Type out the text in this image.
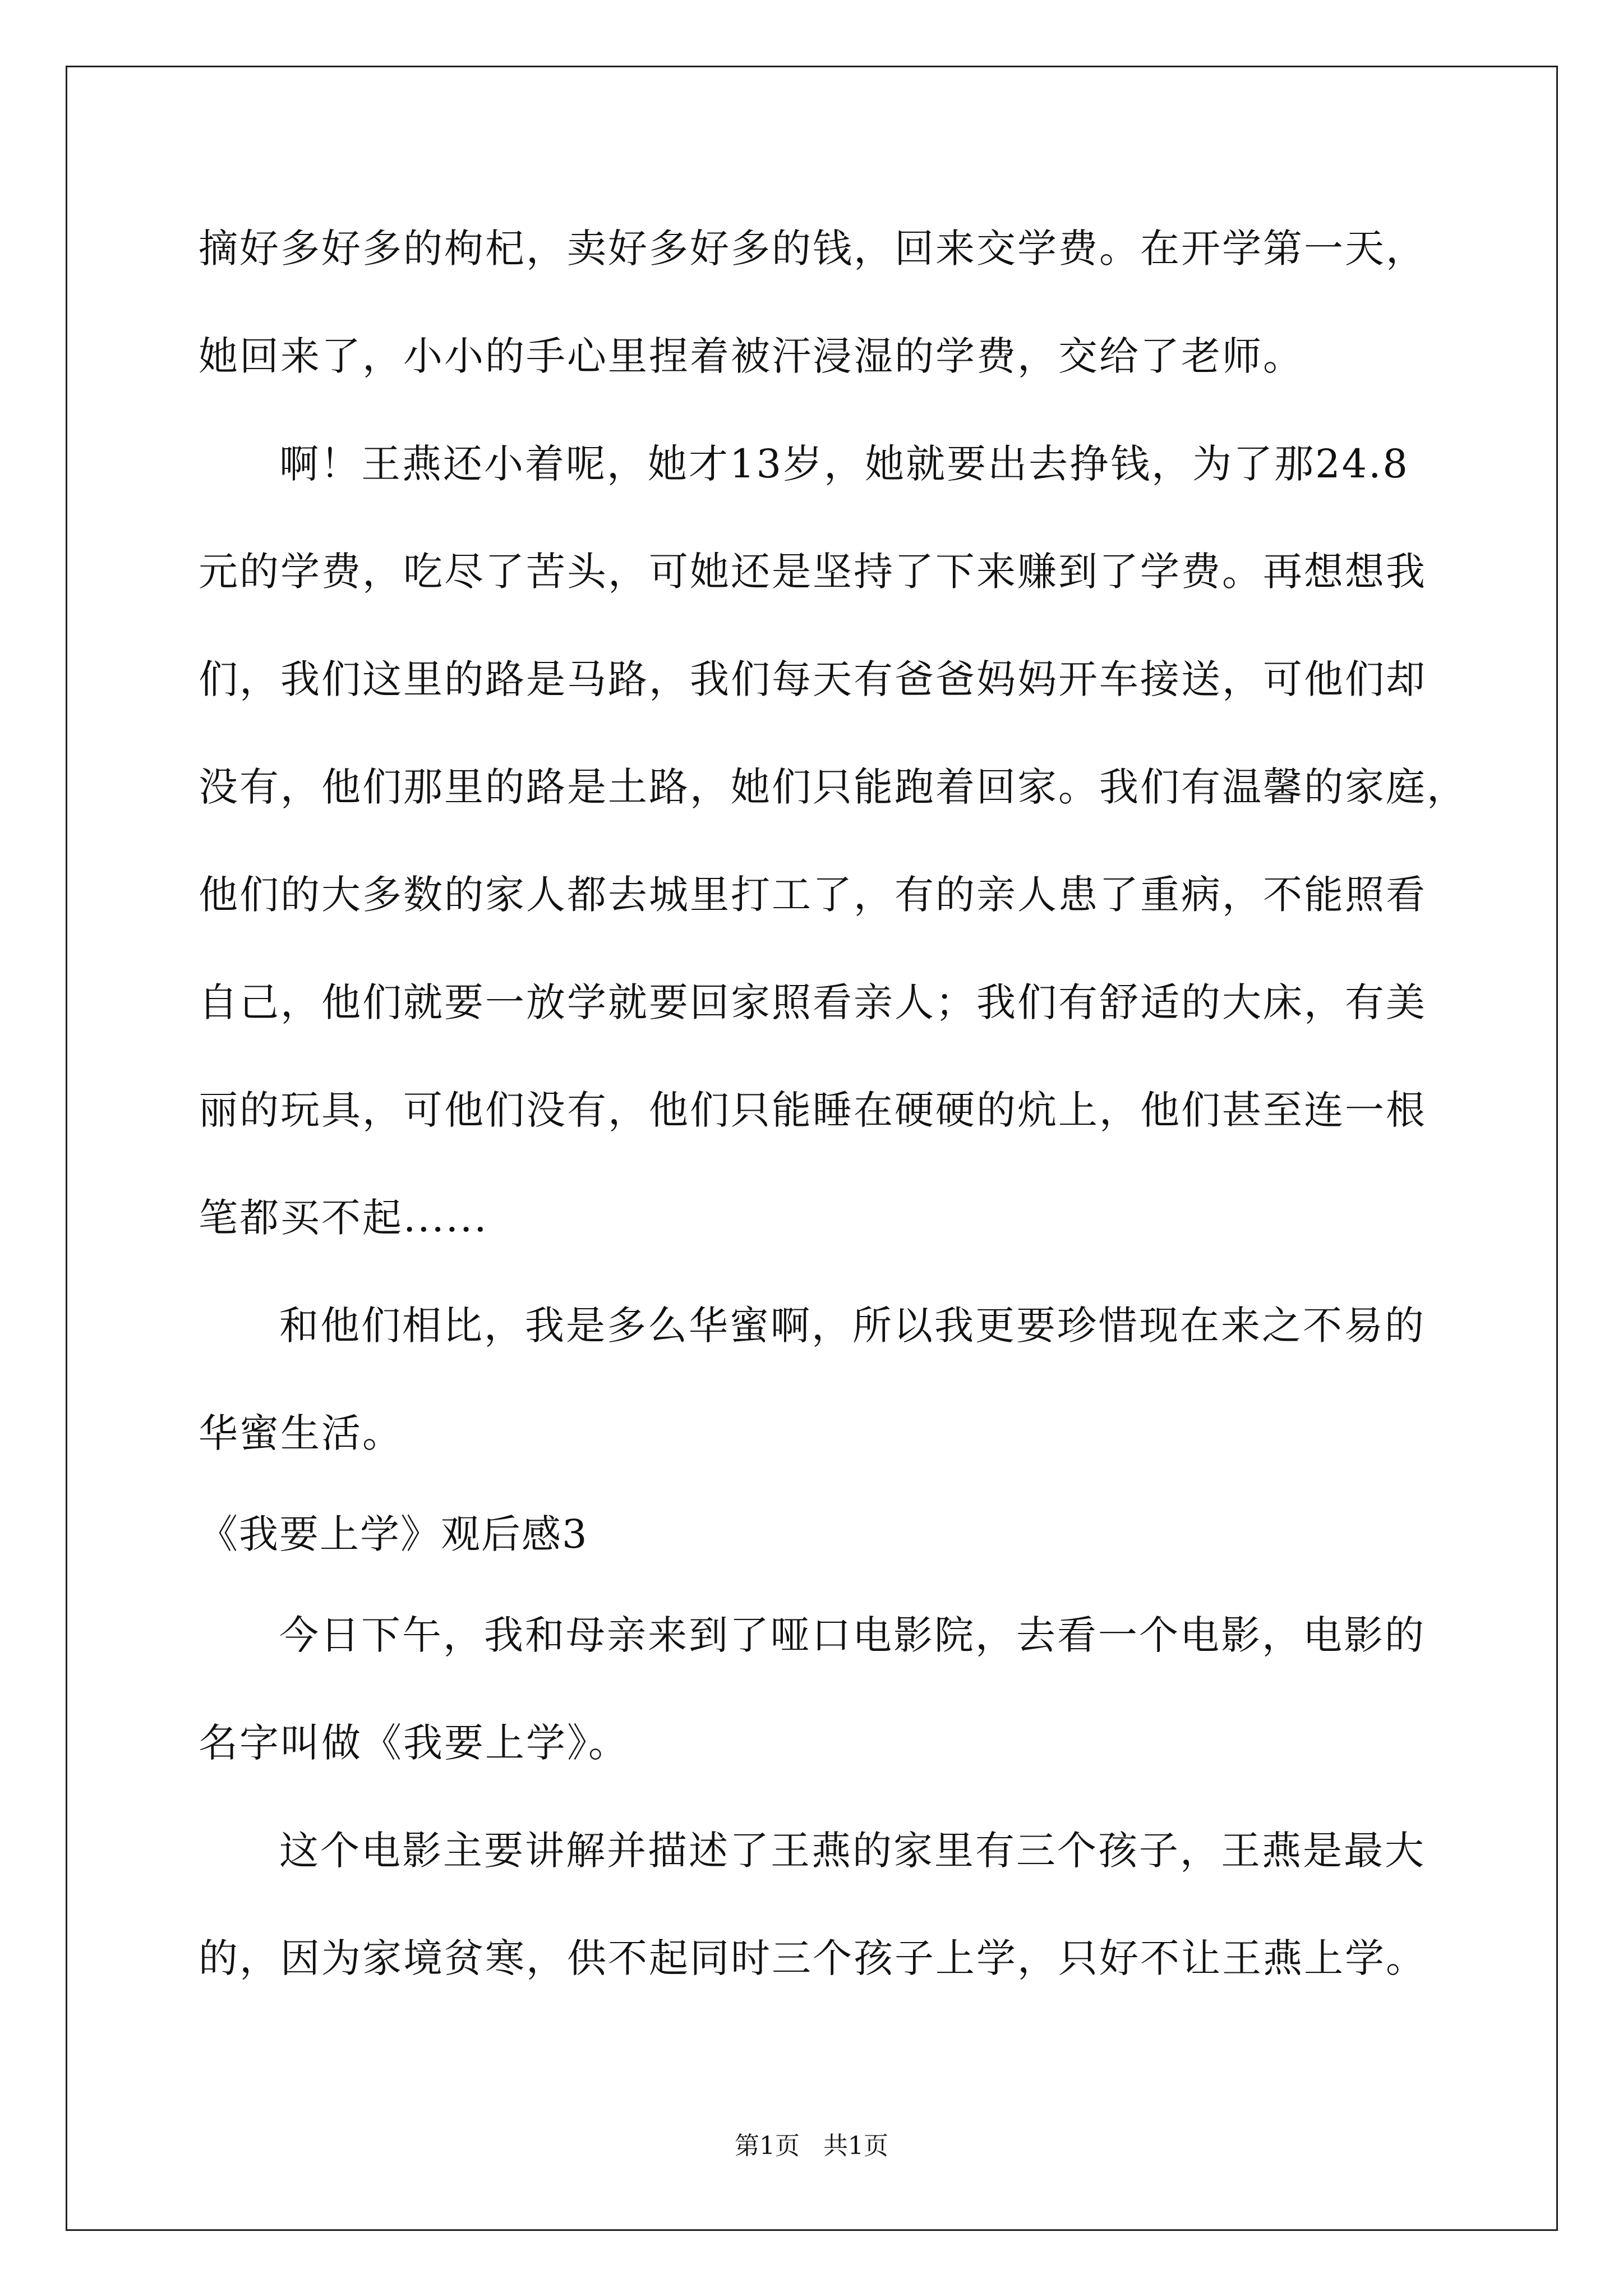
摘好多好多的枸杞，卖好多好多的钱，回来交学费。在开学第一天，
她回来了，小小的手心里捏着被汗浸湿的学费，交给了老师。
啊！王燕还小着呢，她才13岁，她就要出去挣钱，为了那24.8
元的学费，吃尽了苦头，可她还是坚持了下来赚到了学费。再想想我
们，我们这里的路是马路，我们每天有爸爸妈妈开车接送，可他们却
没有，他们那里的路是土路，她们只能跑着回家。我们有温馨的家庭，
他们的大多数的家人都去城里打工了，有的亲人患了重病，不能照看
自己，他们就要一放学就要回家照看亲人；我们有舒适的大床，有美
丽的玩具，可他们没有，他们只能睡在硬硬的炕上，他们甚至连一根
笔都买不起......
和他们相比，我是多么华蜜啊，所以我更要珍惜现在来之不易的
华蜜生活。
《我要上学》观后感3
今日下午，我和母亲来到了哑口电影院，去看一个电影，电影的
名字叫做《我要上学》。
这个电影主要讲解并描述了王燕的家里有三个孩子，王燕是最大
的，因为家境贫寒，供不起同时三个孩子上学，只好不让王燕上学。
第1页   共1页
